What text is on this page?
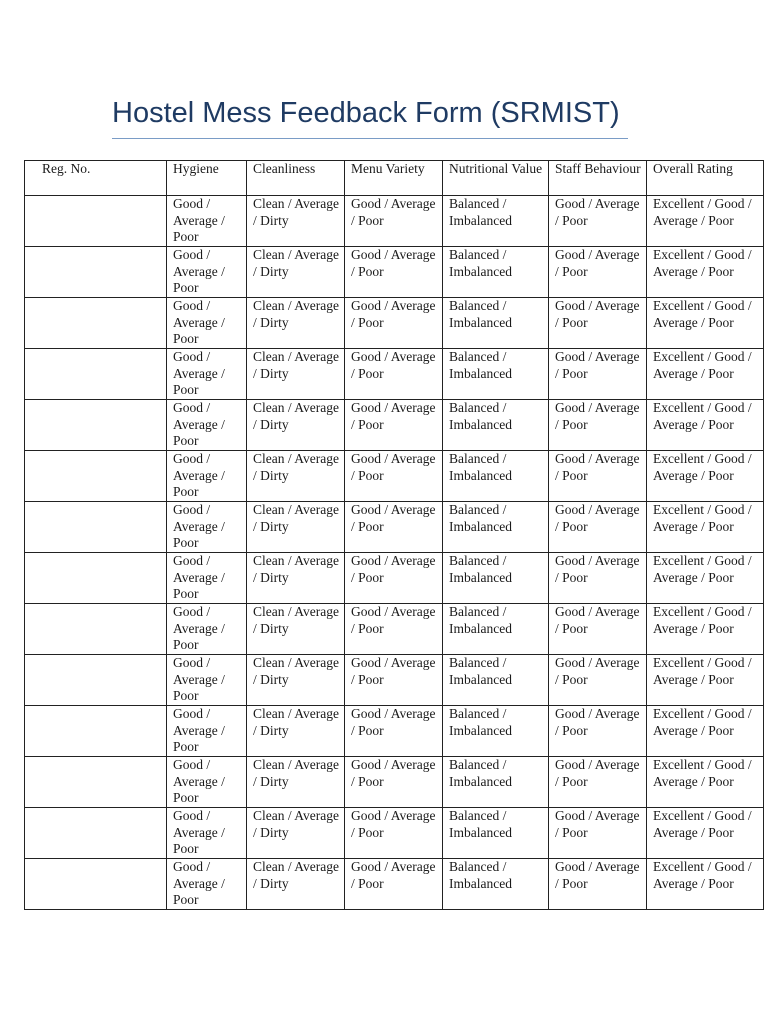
Hostel Mess Feedback Form (SRMIST)
Reg. No.	Hygiene	Cleanliness	Menu Variety	Nutritional Value	Staff Behaviour	Overall Rating
	Good / Average / Poor	Clean / Average / Dirty	Good / Average / Poor	Balanced / Imbalanced	Good / Average / Poor	Excellent / Good / Average / Poor
	Good / Average / Poor	Clean / Average / Dirty	Good / Average / Poor	Balanced / Imbalanced	Good / Average / Poor	Excellent / Good / Average / Poor
	Good / Average / Poor	Clean / Average / Dirty	Good / Average / Poor	Balanced / Imbalanced	Good / Average / Poor	Excellent / Good / Average / Poor
	Good / Average / Poor	Clean / Average / Dirty	Good / Average / Poor	Balanced / Imbalanced	Good / Average / Poor	Excellent / Good / Average / Poor
	Good / Average / Poor	Clean / Average / Dirty	Good / Average / Poor	Balanced / Imbalanced	Good / Average / Poor	Excellent / Good / Average / Poor
	Good / Average / Poor	Clean / Average / Dirty	Good / Average / Poor	Balanced / Imbalanced	Good / Average / Poor	Excellent / Good / Average / Poor
	Good / Average / Poor	Clean / Average / Dirty	Good / Average / Poor	Balanced / Imbalanced	Good / Average / Poor	Excellent / Good / Average / Poor
	Good / Average / Poor	Clean / Average / Dirty	Good / Average / Poor	Balanced / Imbalanced	Good / Average / Poor	Excellent / Good / Average / Poor
	Good / Average / Poor	Clean / Average / Dirty	Good / Average / Poor	Balanced / Imbalanced	Good / Average / Poor	Excellent / Good / Average / Poor
	Good / Average / Poor	Clean / Average / Dirty	Good / Average / Poor	Balanced / Imbalanced	Good / Average / Poor	Excellent / Good / Average / Poor
	Good / Average / Poor	Clean / Average / Dirty	Good / Average / Poor	Balanced / Imbalanced	Good / Average / Poor	Excellent / Good / Average / Poor
	Good / Average / Poor	Clean / Average / Dirty	Good / Average / Poor	Balanced / Imbalanced	Good / Average / Poor	Excellent / Good / Average / Poor
	Good / Average / Poor	Clean / Average / Dirty	Good / Average / Poor	Balanced / Imbalanced	Good / Average / Poor	Excellent / Good / Average / Poor
	Good / Average / Poor	Clean / Average / Dirty	Good / Average / Poor	Balanced / Imbalanced	Good / Average / Poor	Excellent / Good / Average / Poor
